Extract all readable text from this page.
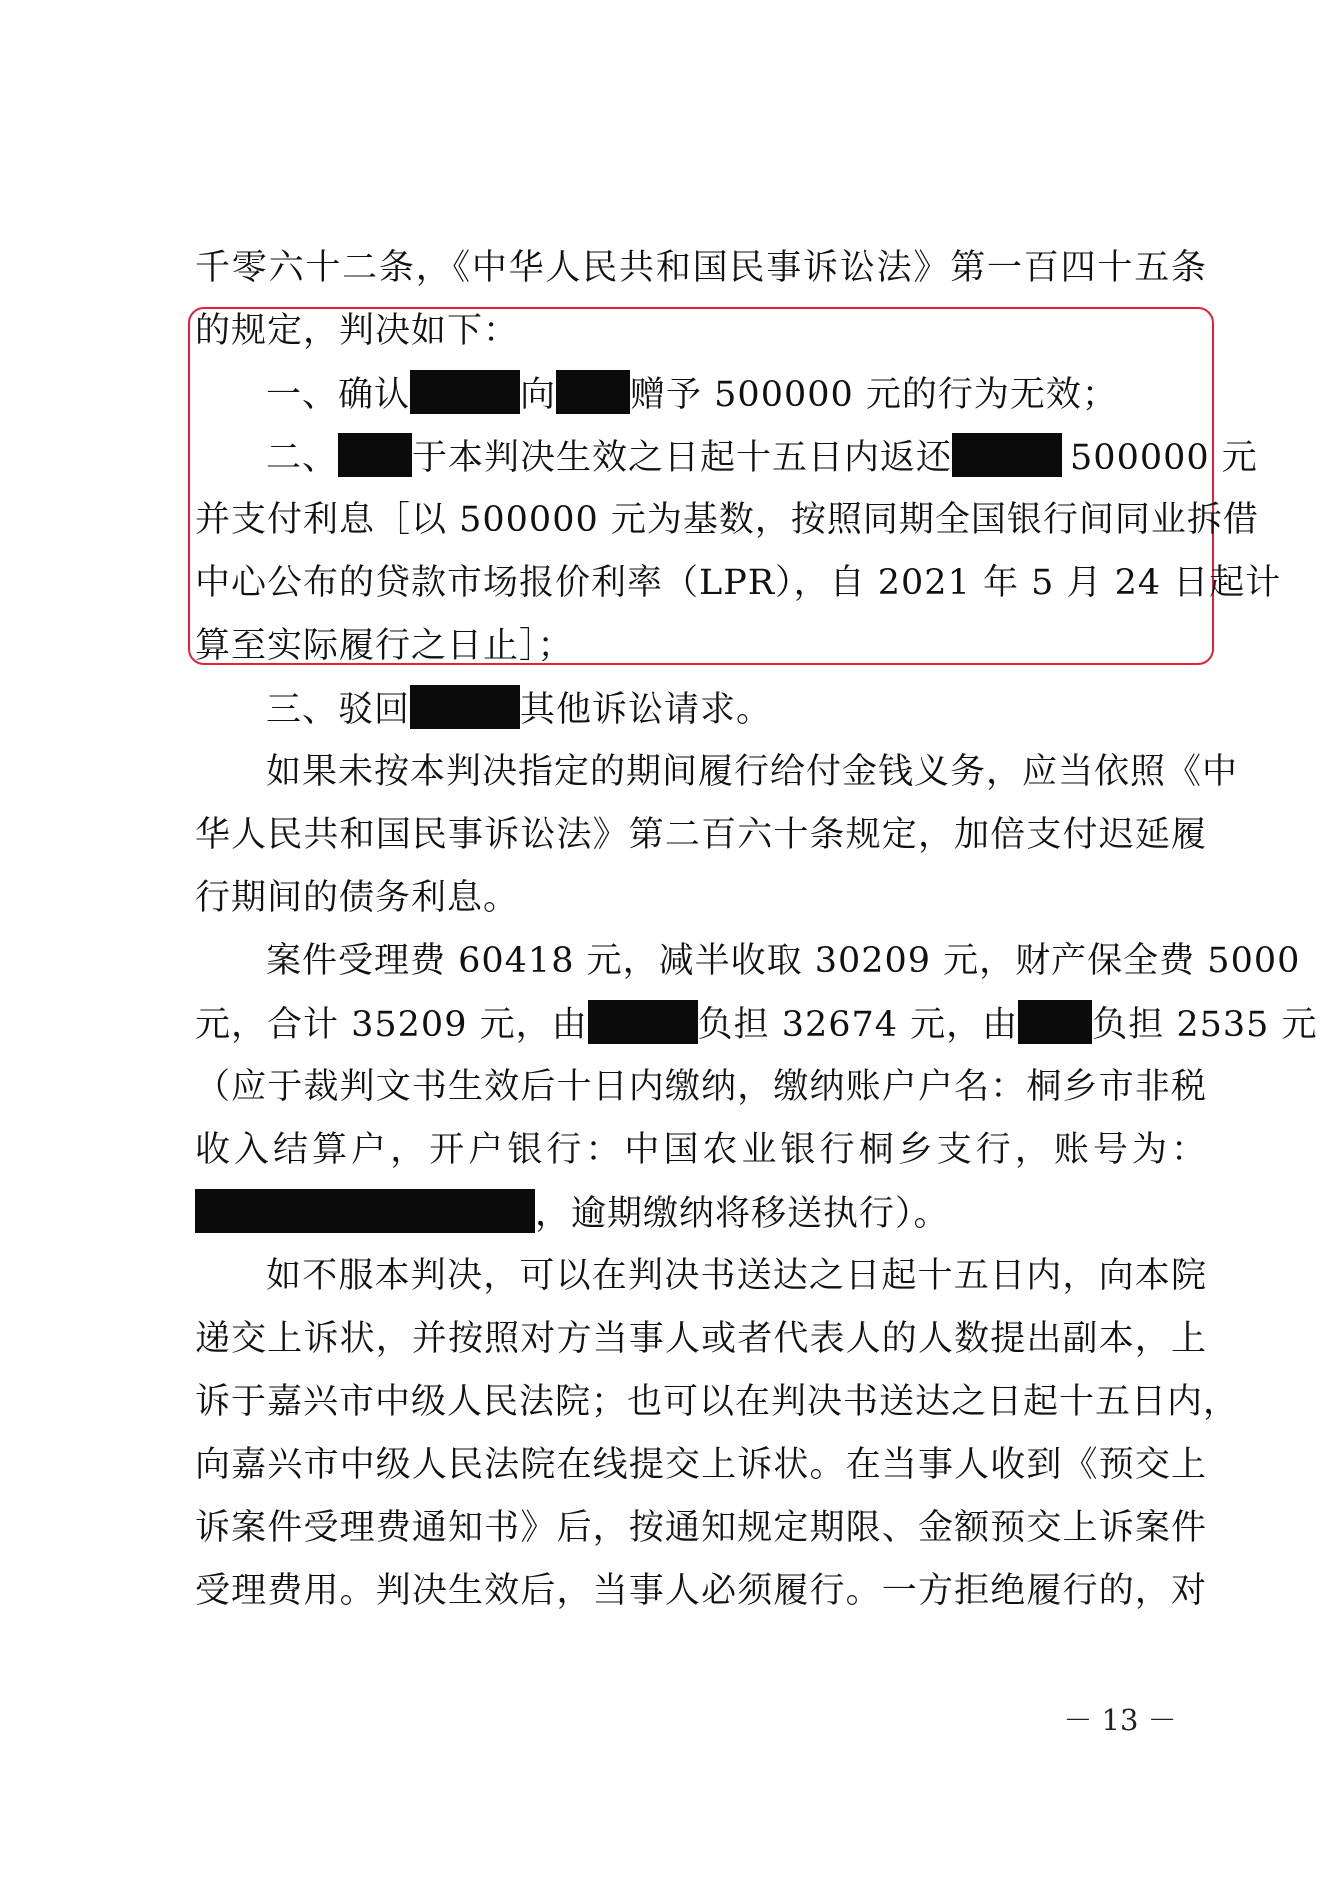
千零六十二条，《中华人民共和国民事诉讼法》第一百四十五条
的规定，判决如下：
一、确认	向 赠予 500000 元的行为无效；
二、 于本判决生效之日起十五日内返还	500000 元
并支付利息［以 500000 元为基数，按照同期全国银行间同业拆借
中心公布的贷款市场报价利率（LPR），自 2021 年 5 月 24 日起计
算至实际履行之日止］；
三、驳回	其他诉讼请求。
如果未按本判决指定的期间履行给付金钱义务，应当依照《中
华人民共和国民事诉讼法》第二百六十条规定，加倍支付迟延履
行期间的债务利息。
案件受理费 60418 元，减半收取 30209 元，财产保全费 5000
元，合计 35209 元，由	负担 32674 元，由 负担 2535 元
（应于裁判文书生效后十日内缴纳，缴纳账户户名：桐乡市非税
收入结算户，开户银行：中国农业银行桐乡支行，账号为：
，逾期缴纳将移送执行）。
如不服本判决，可以在判决书送达之日起十五日内，向本院
递交上诉状，并按照对方当事人或者代表人的人数提出副本，上
诉于嘉兴市中级人民法院；也可以在判决书送达之日起十五日内，
向嘉兴市中级人民法院在线提交上诉状。在当事人收到《预交上
诉案件受理费通知书》后，按通知规定期限、金额预交上诉案件
受理费用。判决生效后，当事人必须履行。一方拒绝履行的，对
－ 13 －
